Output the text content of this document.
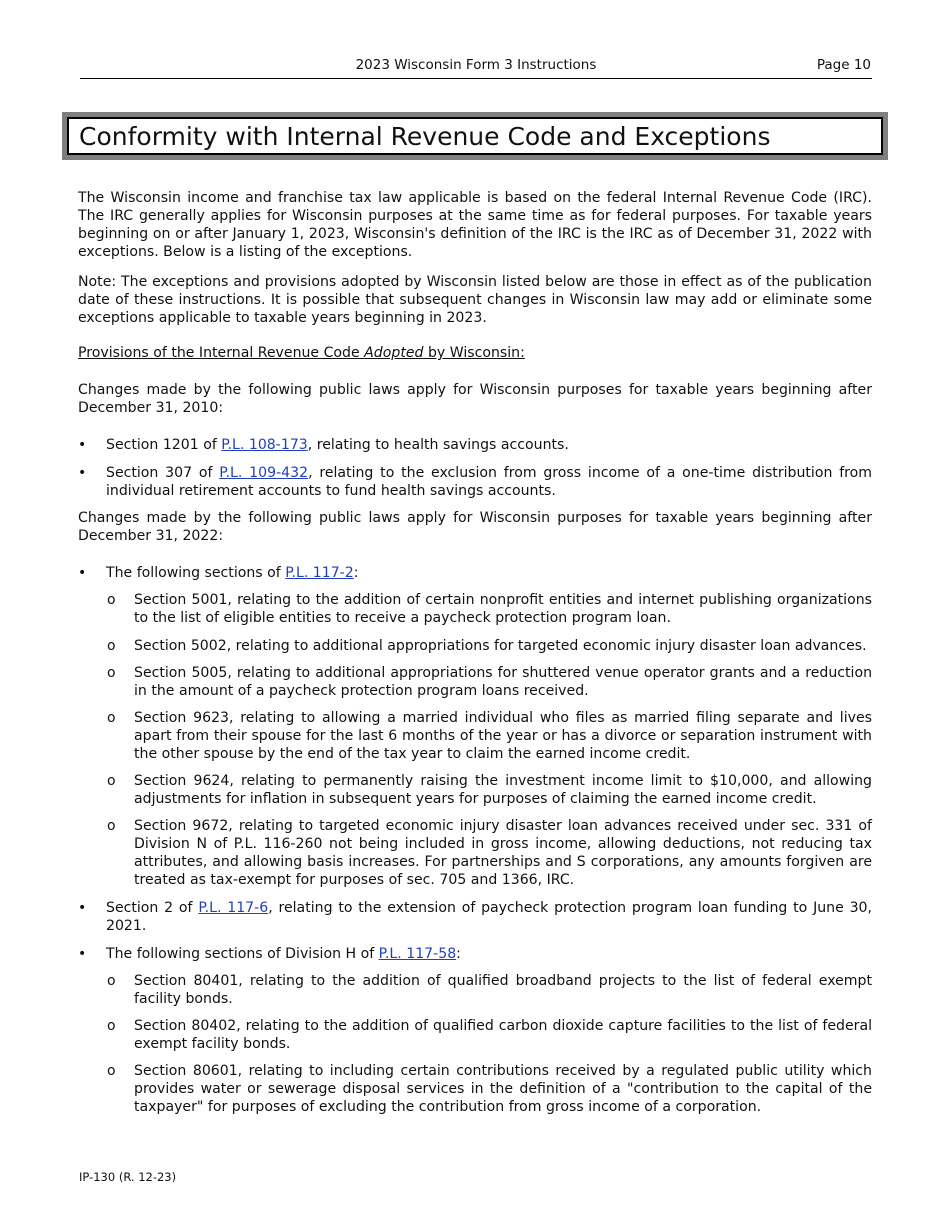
2023 Wisconsin Form 3 Instructions	Page 10
Conformity with Internal Revenue Code and Exceptions

The Wisconsin income and franchise tax law applicable is based on the federal Internal Revenue Code (IRC). The IRC generally applies for Wisconsin purposes at the same time as for federal purposes. For taxable years beginning on or after January 1, 2023, Wisconsin's definition of the IRC is the IRC as of December 31, 2022 with exceptions. Below is a listing of the exceptions.

Note: The exceptions and provisions adopted by Wisconsin listed below are those in effect as of the publication date of these instructions. It is possible that subsequent changes in Wisconsin law may add or eliminate some exceptions applicable to taxable years beginning in 2023.

Provisions of the Internal Revenue Code Adopted by Wisconsin:

Changes made by the following public laws apply for Wisconsin purposes for taxable years beginning after December 31, 2010:

• Section 1201 of P.L. 108-173, relating to health savings accounts.
• Section 307 of P.L. 109-432, relating to the exclusion from gross income of a one-time distribution from individual retirement accounts to fund health savings accounts.

Changes made by the following public laws apply for Wisconsin purposes for taxable years beginning after December 31, 2022:

• The following sections of P.L. 117-2:
o Section 5001, relating to the addition of certain nonprofit entities and internet publishing organizations to the list of eligible entities to receive a paycheck protection program loan.
o Section 5002, relating to additional appropriations for targeted economic injury disaster loan advances.
o Section 5005, relating to additional appropriations for shuttered venue operator grants and a reduction in the amount of a paycheck protection program loans received.
o Section 9623, relating to allowing a married individual who files as married filing separate and lives apart from their spouse for the last 6 months of the year or has a divorce or separation instrument with the other spouse by the end of the tax year to claim the earned income credit.
o Section 9624, relating to permanently raising the investment income limit to $10,000, and allowing adjustments for inflation in subsequent years for purposes of claiming the earned income credit.
o Section 9672, relating to targeted economic injury disaster loan advances received under sec. 331 of Division N of P.L. 116-260 not being included in gross income, allowing deductions, not reducing tax attributes, and allowing basis increases. For partnerships and S corporations, any amounts forgiven are treated as tax-exempt for purposes of sec. 705 and 1366, IRC.
• Section 2 of P.L. 117-6, relating to the extension of paycheck protection program loan funding to June 30, 2021.
• The following sections of Division H of P.L. 117-58:
o Section 80401, relating to the addition of qualified broadband projects to the list of federal exempt facility bonds.
o Section 80402, relating to the addition of qualified carbon dioxide capture facilities to the list of federal exempt facility bonds.
o Section 80601, relating to including certain contributions received by a regulated public utility which provides water or sewerage disposal services in the definition of a "contribution to the capital of the taxpayer" for purposes of excluding the contribution from gross income of a corporation.
IP-130 (R. 12-23)
